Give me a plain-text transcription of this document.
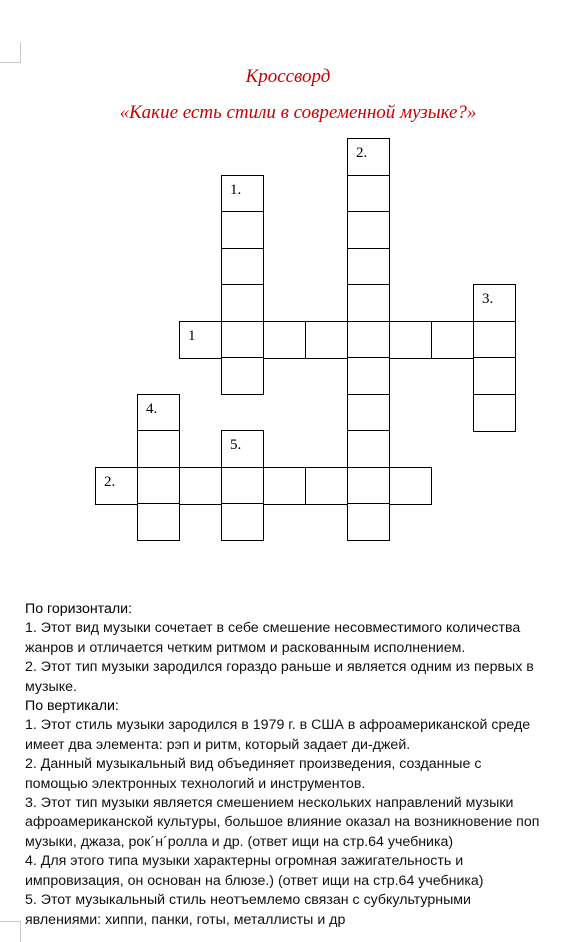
Кроссворд
«Какие есть стили в современной музыке?»
2.
1.
3.
1
4.
5.
2.
По горизонтали:
1. Этот вид музыки сочетает в себе смешение несовместимого количества
жанров и отличается четким ритмом и раскованным исполнением.
2. Этот тип музыки зародился гораздо раньше и является одним из первых в
музыке.
По вертикали:
1. Этот стиль музыки зародился в 1979 г. в США в афроамериканской среде
имеет два элемента: рэп и ритм, который задает ди-джей.
2. Данный музыкальный вид объединяет произведения, созданные с
помощью электронных технологий и инструментов.
3. Этот тип музыки является смешением нескольких направлений музыки
афроамериканской культуры, большое влияние оказал на возникновение поп
музыки, джаза, рок´н´ролла и др. (ответ ищи на стр.64 учебника)
4. Для этого типа музыки характерны огромная зажигательность и
импровизация, он основан на блюзе.) (ответ ищи на стр.64 учебника)
5. Этот музыкальный стиль неотъемлемо связан с субкультурными
явлениями: хиппи, панки, готы, металлисты и др
